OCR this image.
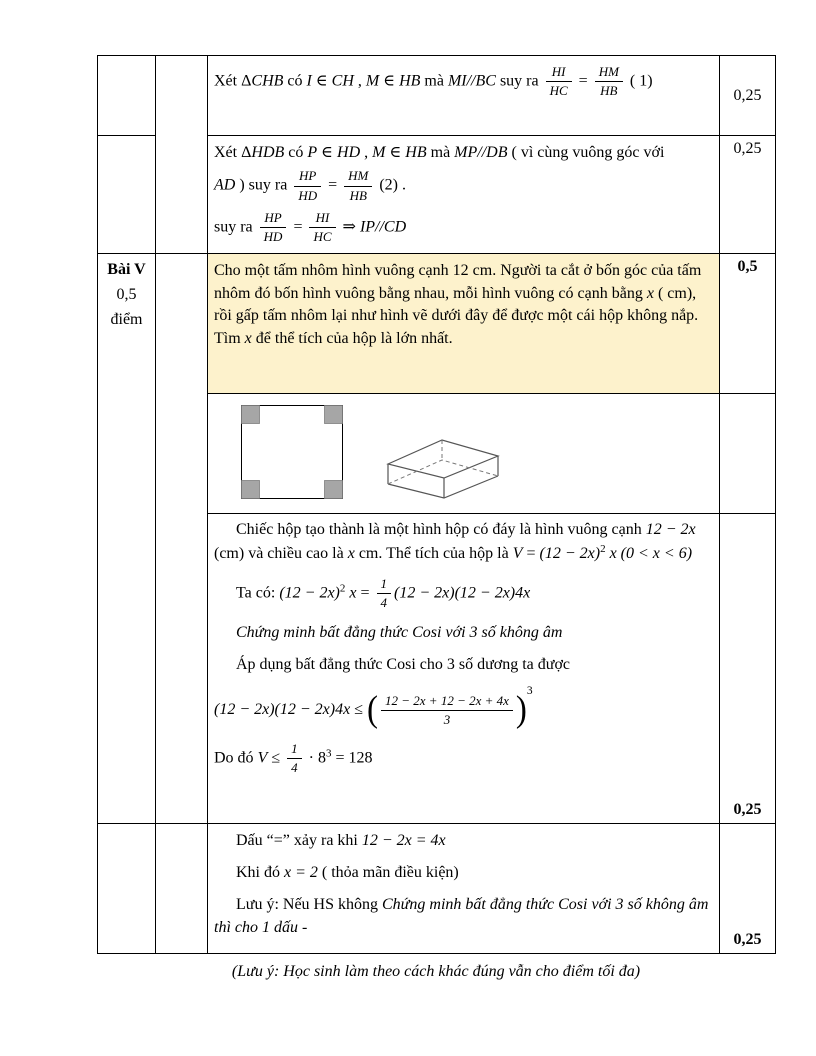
Xét ΔCHB có I ∈ CH , M ∈ HB mà MI//BC suy ra $\frac{HI}{HC} = \frac{HM}{HB}$ ( 1)
	0,25

Xét ΔHDB có P ∈ HD , M ∈ HB mà MP//DB ( vì cùng vuông góc với
AD ) suy ra $\frac{HP}{HD} = \frac{HM}{HB} (2)$ .
suy ra $\frac{HP}{HD} = \frac{HI}{HC}$ ⇒ IP//CD
	0,25

Bài V
0,5
điểm

Cho một tấm nhôm hình vuông cạnh 12 cm. Người ta cắt ở bốn góc của tấm nhôm đó bốn hình vuông bằng nhau, mỗi hình vuông có cạnh bằng x ( cm), rồi gấp tấm nhôm lại như hình vẽ dưới đây để được một cái hộp không nắp. Tìm x để thể tích của hộp là lớn nhất.
	0,5

Chiếc hộp tạo thành là một hình hộp có đáy là hình vuông cạnh 12 − 2x (cm) và chiều cao là x cm. Thể tích của hộp là $V = (12 - 2x)^2$ x (0 < x < 6)
Ta có: $(12 - 2x)^2$ $x = \frac{1}{4} (12 - 2x)(12 - 2x)4x$
Chứng minh bất đẳng thức Cosi với 3 số không âm
Áp dụng bất đẳng thức Cosi cho 3 số dương ta được
(12 − 2x)(12 − 2x)4x ≤ ( $\frac{12 - 2x + 12 - 2x + 4x}{3} )^3$
Do đó $V \le \frac{1}{4} \cdot 8^3 = 128$
	0,25

		Dấu “=” xảy ra khi 12 − 2x = 4x
Khi đó x = 2 ( thỏa mãn điều kiện)
Lưu ý: Nếu HS không Chứng minh bất đẳng thức Cosi với 3 số không âm thì cho 1 dấu -	0,25
(Lưu ý: Học sinh làm theo cách khác đúng vẫn cho điểm tối đa)
